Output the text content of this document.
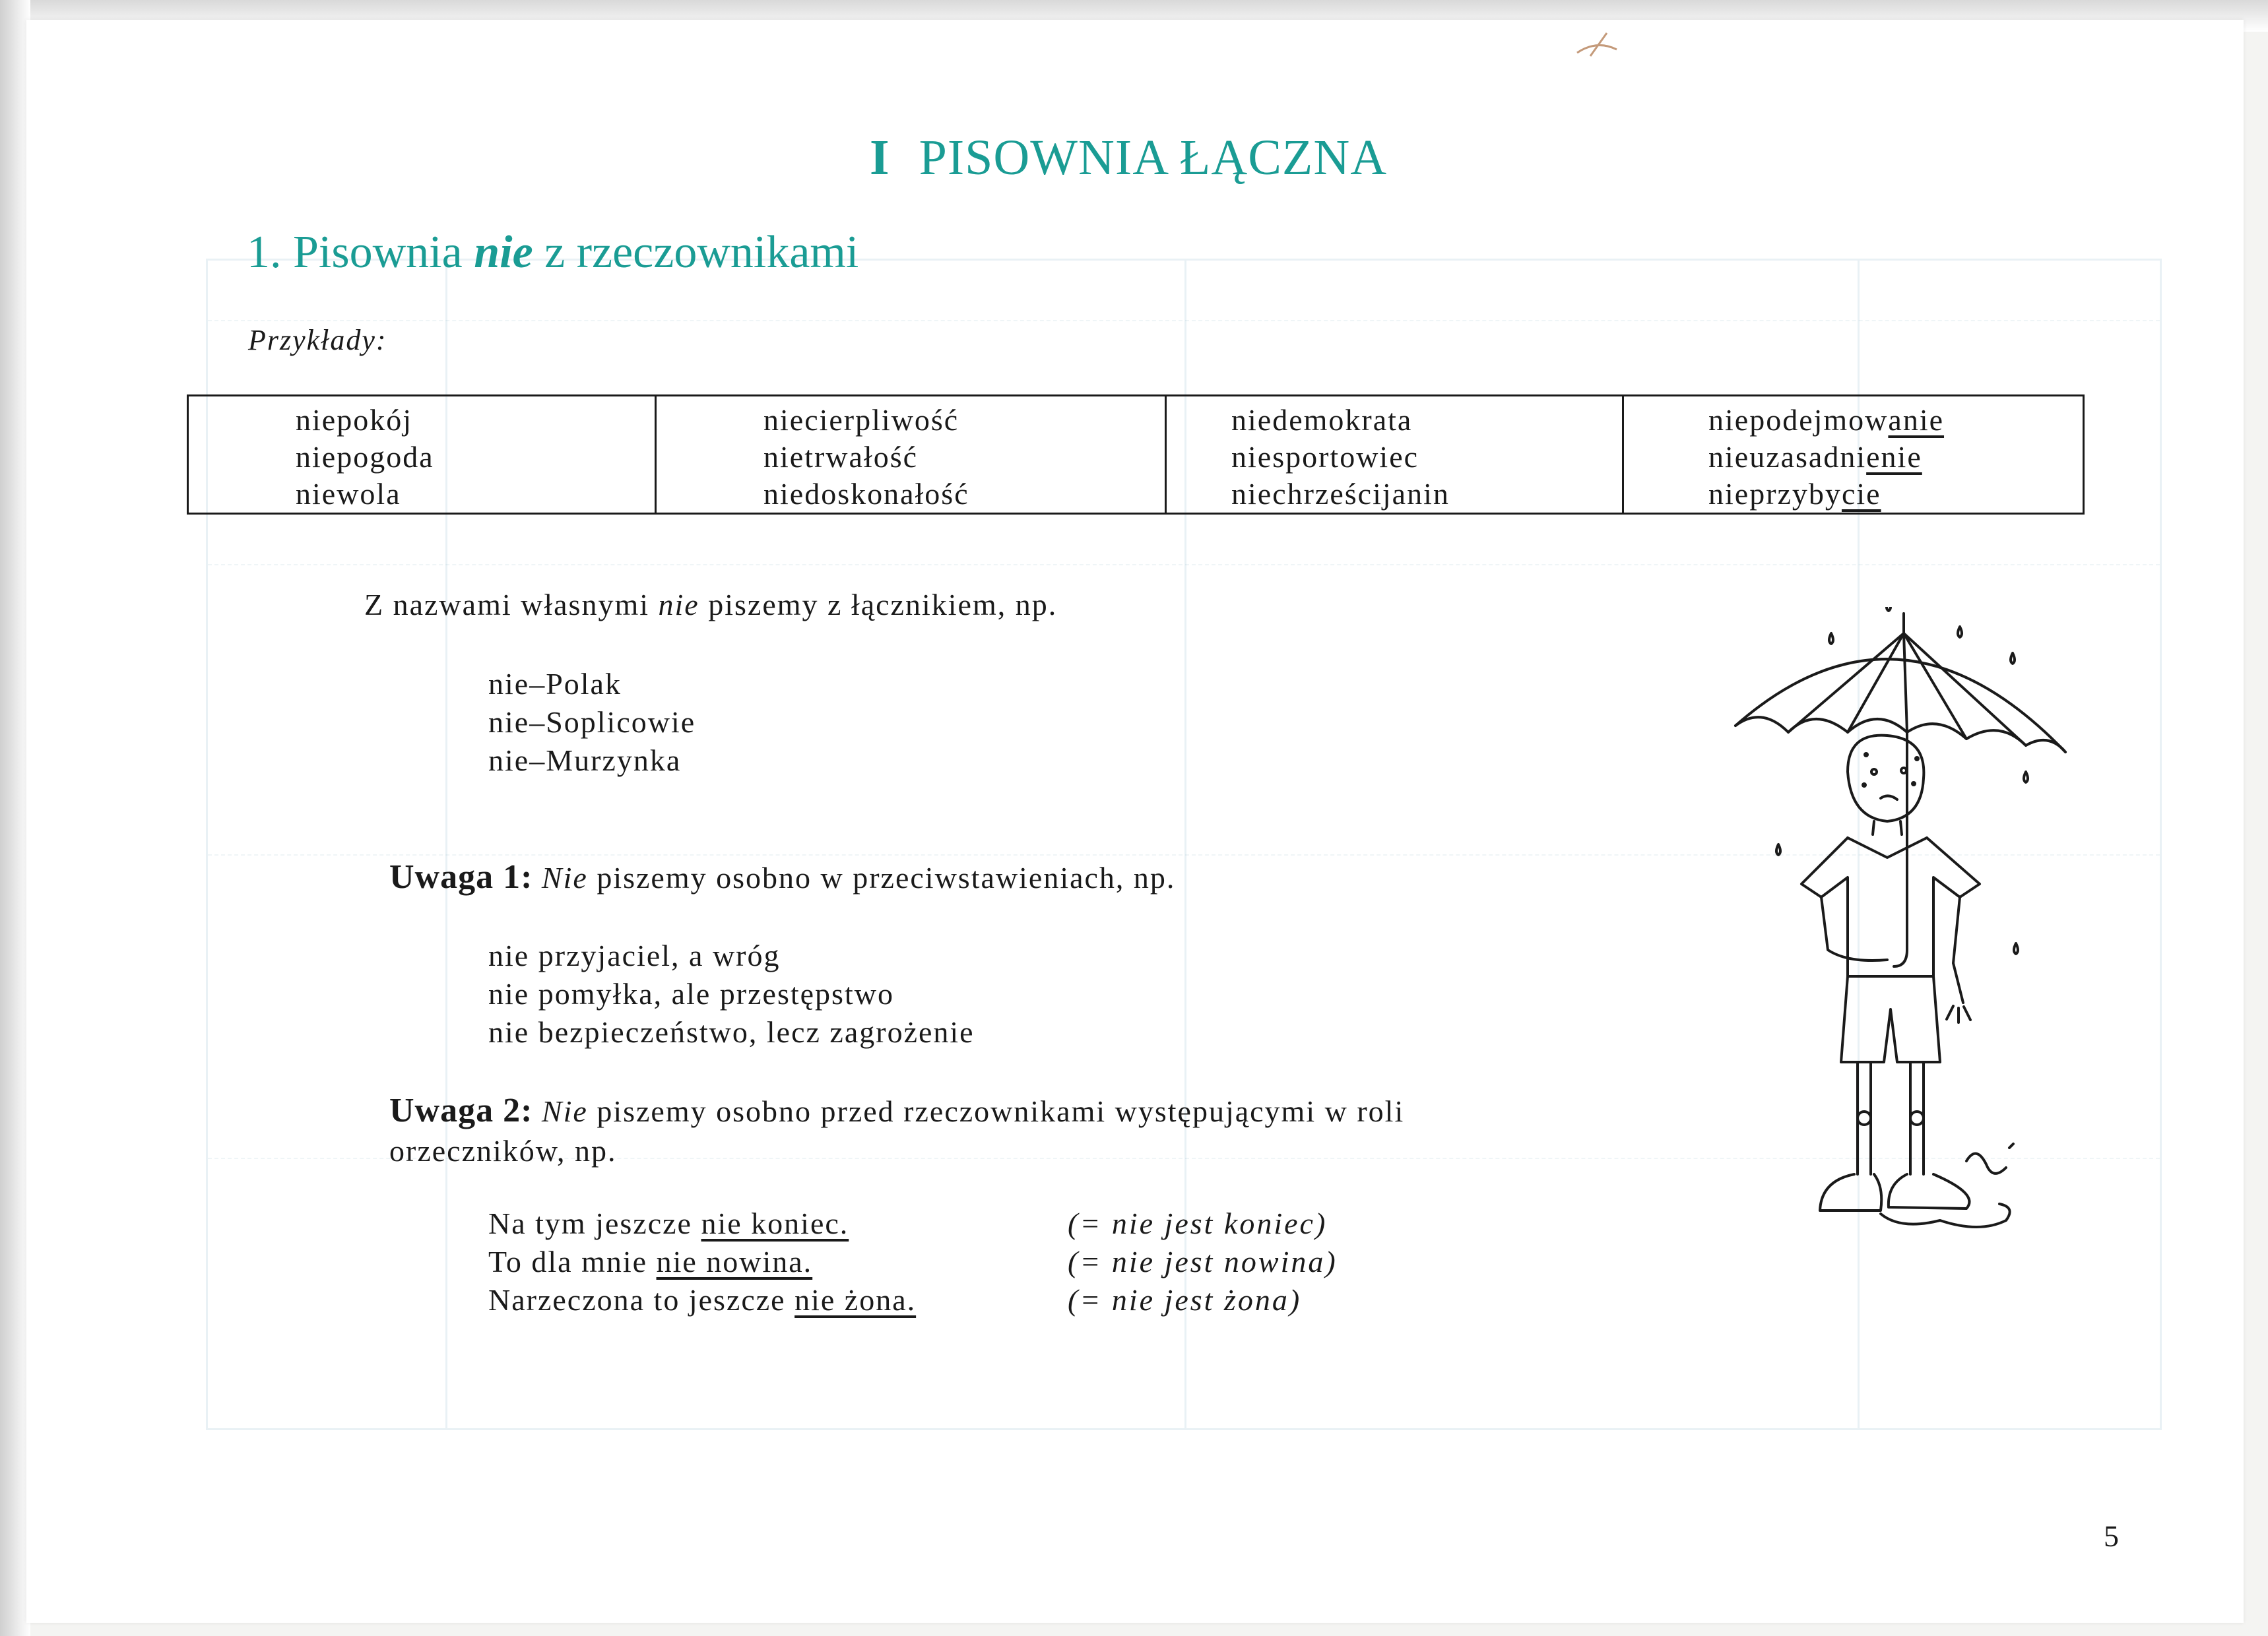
I PISOWNIA ŁĄCZNA
1. Pisownia nie z rzeczownikami
Przykłady:
niepokój
niepogoda
niewola

niecierpliwość
nietrwałość
niedoskonałość

niedemokrata
niesportowiec
niechrześcijanin

niepodejmowanie
nieuzasadnienie
nieprzybycie
Z nazwami własnymi nie piszemy z łącznikiem, np.
nie–Polak
nie–Soplicowie
nie–Murzynka
Uwaga 1: Nie piszemy osobno w przeciwstawieniach, np.
nie przyjaciel, a wróg
nie pomyłka, ale przestępstwo
nie bezpieczeństwo, lecz zagrożenie
Uwaga 2: Nie piszemy osobno przed rzeczownikami występującymi w roli
orzeczników, np.
Na tym jeszcze nie koniec.	(= nie jest koniec)
To dla mnie nie nowina.	(= nie jest nowina)
Narzeczona to jeszcze nie żona.	(= nie jest żona)
5
